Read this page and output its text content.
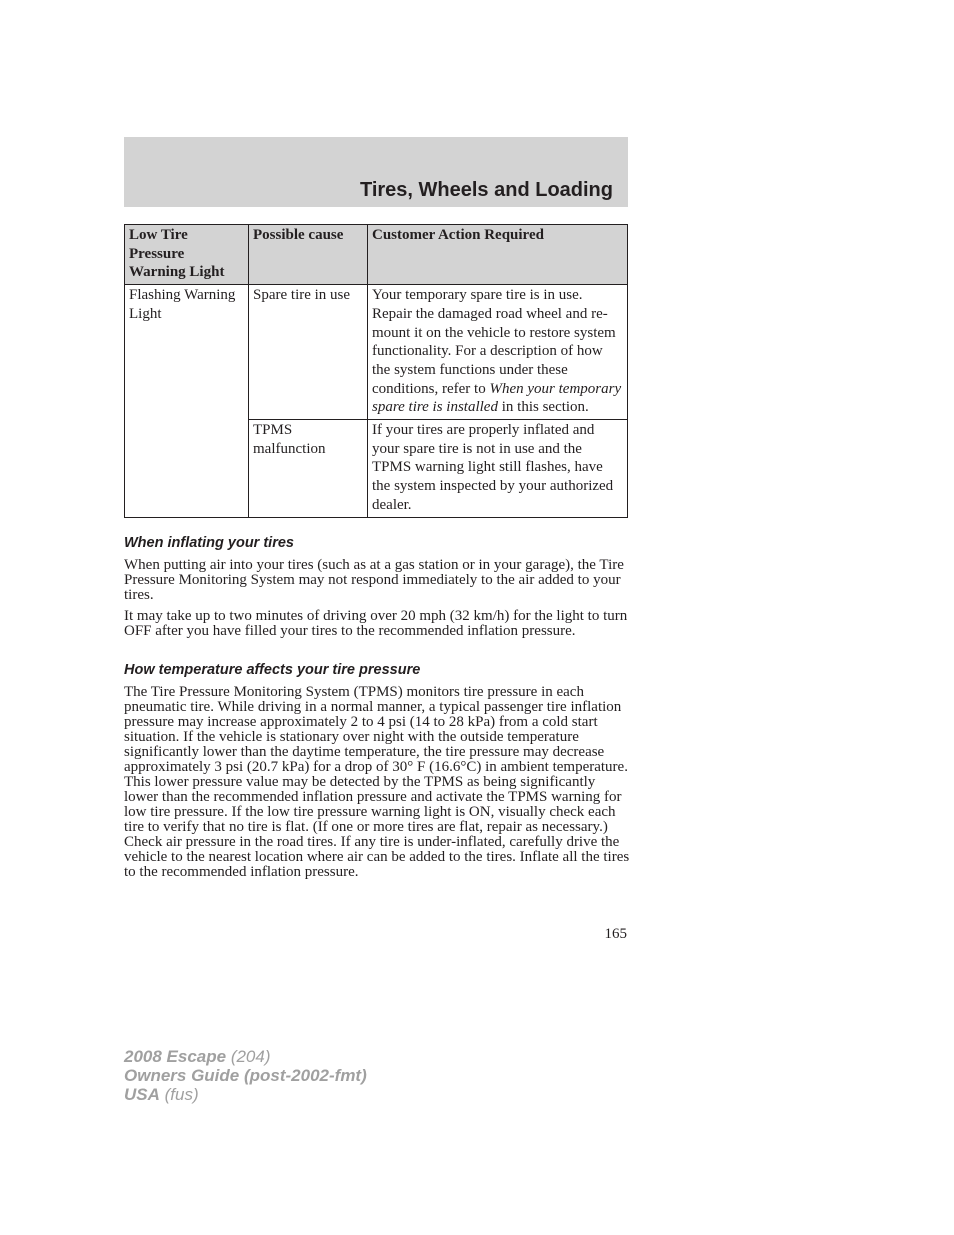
Tires, Wheels and Loading
Low Tire Pressure Warning Light	Possible cause	Customer Action Required
Flashing Warning Light	Spare tire in use	Your temporary spare tire is in use. Repair the damaged road wheel and re-mount it on the vehicle to restore system functionality. For a description of how the system functions under these conditions, refer to When your temporary spare tire is installed in this section.
	TPMS malfunction	If your tires are properly inflated and your spare tire is not in use and the TPMS warning light still flashes, have the system inspected by your authorized dealer.
When inflating your tires

When putting air into your tires (such as at a gas station or in your garage), the Tire Pressure Monitoring System may not respond immediately to the air added to your tires.

It may take up to two minutes of driving over 20 mph (32 km/h) for the light to turn OFF after you have filled your tires to the recommended inflation pressure.

How temperature affects your tire pressure

The Tire Pressure Monitoring System (TPMS) monitors tire pressure in each pneumatic tire. While driving in a normal manner, a typical passenger tire inflation pressure may increase approximately 2 to 4 psi (14 to 28 kPa) from a cold start situation. If the vehicle is stationary over night with the outside temperature significantly lower than the daytime temperature, the tire pressure may decrease approximately 3 psi (20.7 kPa) for a drop of 30° F (16.6°C) in ambient temperature. This lower pressure value may be detected by the TPMS as being significantly lower than the recommended inflation pressure and activate the TPMS warning for low tire pressure. If the low tire pressure warning light is ON, visually check each tire to verify that no tire is flat. (If one or more tires are flat, repair as necessary.) Check air pressure in the road tires. If any tire is under-inflated, carefully drive the vehicle to the nearest location where air can be added to the tires. Inflate all the tires to the recommended inflation pressure.

165
2008 Escape (204)
Owners Guide (post-2002-fmt)
USA (fus)
